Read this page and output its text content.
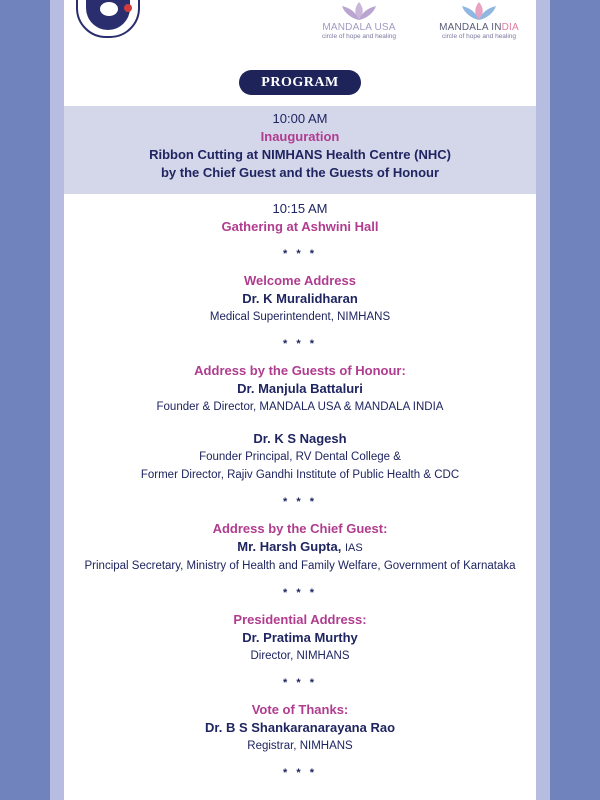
MANDALA USA
circle of hope and healing
MANDALA INDIA
circle of hope and healing
PROGRAM
10:00 AM
Inauguration
Ribbon Cutting at NIMHANS Health Centre (NHC)
by the Chief Guest and the Guests of Honour
10:15 AM
Gathering at Ashwini Hall
* * *
Welcome Address
Dr. K Muralidharan
Medical Superintendent, NIMHANS
* * *
Address by the Guests of Honour:
Dr. Manjula Battaluri
Founder & Director, MANDALA USA & MANDALA INDIA
Dr. K S Nagesh
Founder Principal, RV Dental College &
Former Director, Rajiv Gandhi Institute of Public Health & CDC
* * *
Address by the Chief Guest:
Mr. Harsh Gupta, IAS
Principal Secretary, Ministry of Health and Family Welfare, Government of Karnataka
* * *
Presidential Address:
Dr. Pratima Murthy
Director, NIMHANS
* * *
Vote of Thanks:
Dr. B S Shankaranarayana Rao
Registrar, NIMHANS
* * *
